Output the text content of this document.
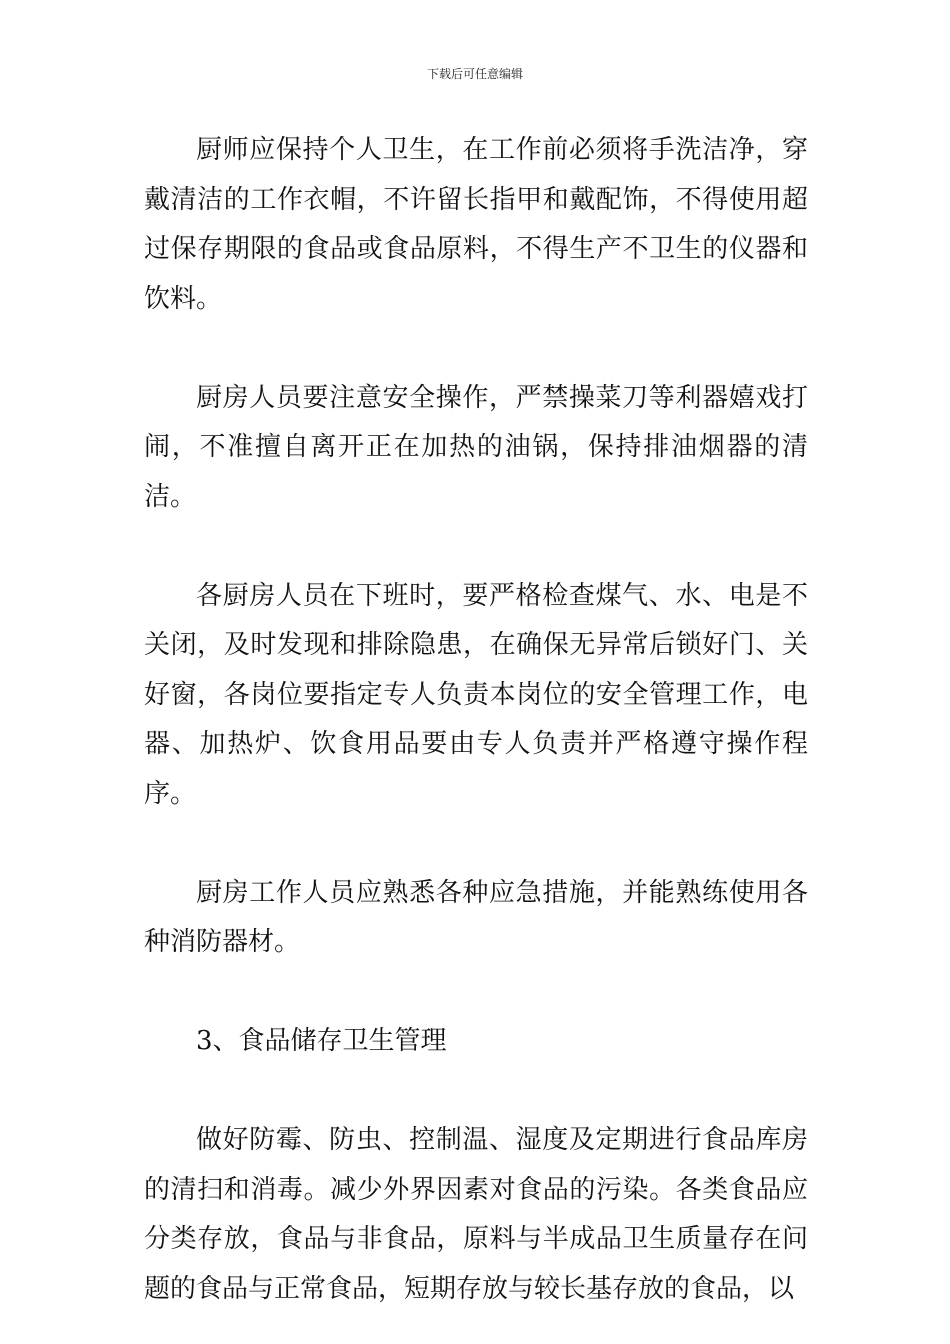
下载后可任意编辑

厨师应保持个人卫生，在工作前必须将手洗洁净，穿戴清洁的工作衣帽，不许留长指甲和戴配饰，不得使用超过保存期限的食品或食品原料，不得生产不卫生的仪器和饮料。

厨房人员要注意安全操作，严禁操菜刀等利器嬉戏打闹，不准擅自离开正在加热的油锅，保持排油烟器的清洁。

各厨房人员在下班时，要严格检查煤气、水、电是不关闭，及时发现和排除隐患，在确保无异常后锁好门、关好窗，各岗位要指定专人负责本岗位的安全管理工作，电器、加热炉、饮食用品要由专人负责并严格遵守操作程序。

厨房工作人员应熟悉各种应急措施，并能熟练使用各种消防器材。

3、食品储存卫生管理

做好防霉、防虫、控制温、湿度及定期进行食品库房的清扫和消毒。减少外界因素对食品的污染。各类食品应分类存放，食品与非食品，原料与半成品卫生质量存在问题的食品与正常食品，短期存放与较长基存放的食品，以
